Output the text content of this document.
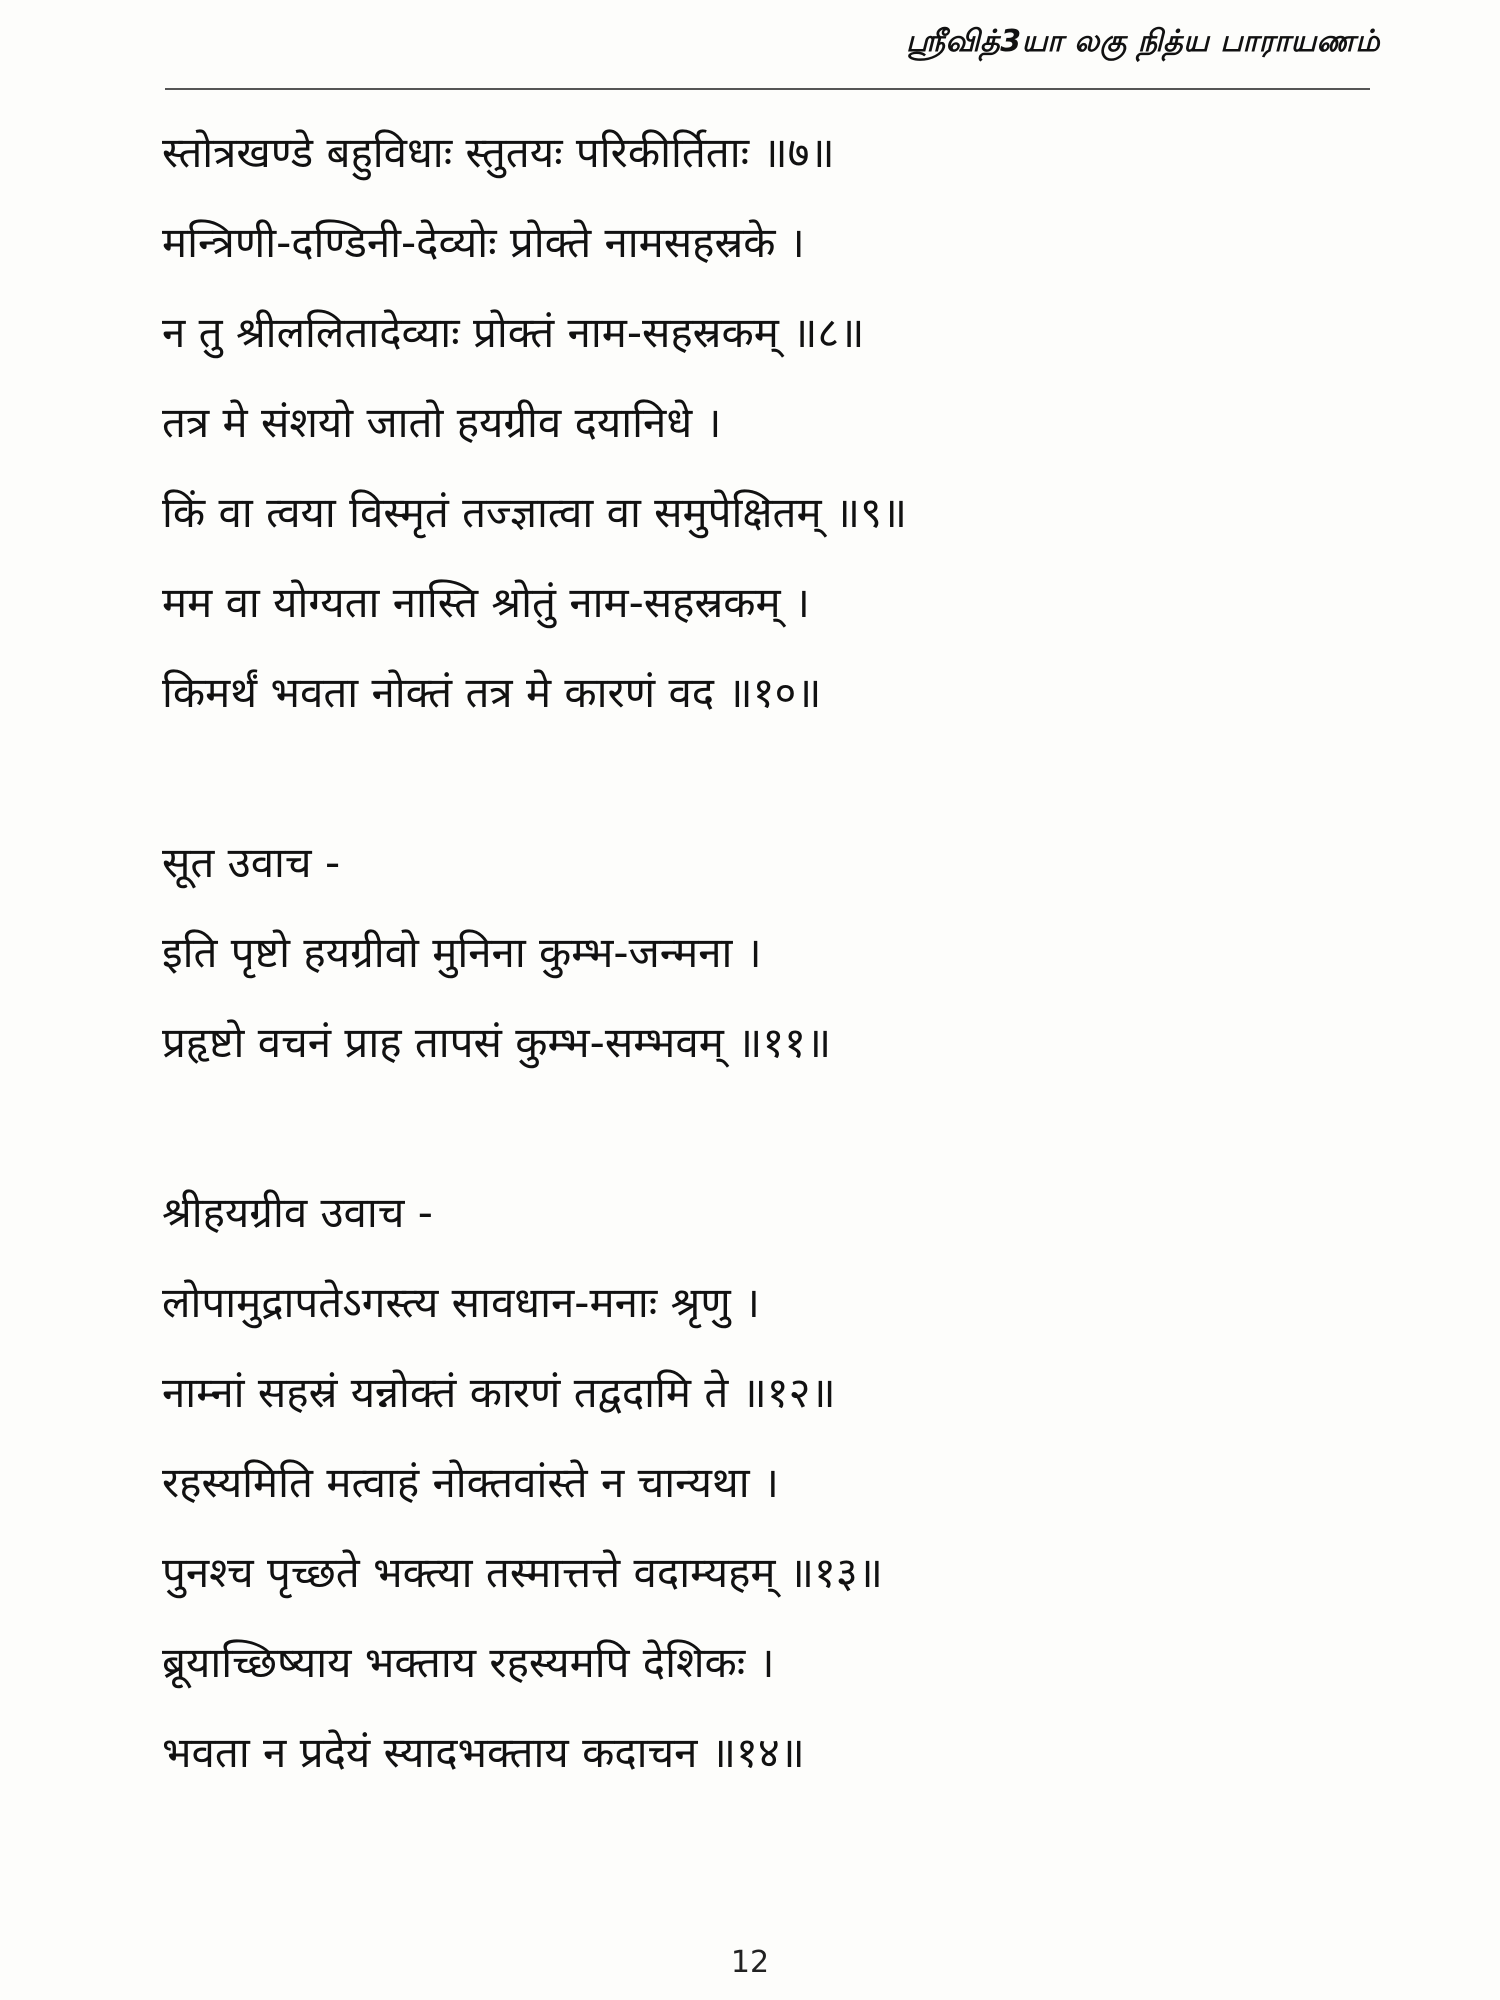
ஸ்ரீவித்3யா லகு நித்ய பாராயணம்
स्तोत्रखण्डे बहुविधाः स्तुतयः परिकीर्तिताः ॥७॥
मन्त्रिणी-दण्डिनी-देव्योः प्रोक्ते नामसहस्रके ।
न तु श्रीललितादेव्याः प्रोक्तं नाम-सहस्रकम् ॥८॥
तत्र मे संशयो जातो हयग्रीव दयानिधे ।
किं वा त्वया विस्मृतं तज्ज्ञात्वा वा समुपेक्षितम् ॥९॥
मम वा योग्यता नास्ति श्रोतुं नाम-सहस्रकम् ।
किमर्थं भवता नोक्तं तत्र मे कारणं वद ॥१०॥
सूत उवाच -
इति पृष्टो हयग्रीवो मुनिना कुम्भ-जन्मना ।
प्रहृष्टो वचनं प्राह तापसं कुम्भ-सम्भवम् ॥११॥
श्रीहयग्रीव उवाच -
लोपामुद्रापतेऽगस्त्य सावधान-मनाः श्रृणु ।
नाम्नां सहस्रं यन्नोक्तं कारणं तद्वदामि ते ॥१२॥
रहस्यमिति मत्वाहं नोक्तवांस्ते न चान्यथा ।
पुनश्च पृच्छते भक्त्या तस्मात्तत्ते वदाम्यहम् ॥१३॥
ब्रूयाच्छिष्याय भक्ताय रहस्यमपि देशिकः ।
भवता न प्रदेयं स्यादभक्ताय कदाचन ॥१४॥
12
